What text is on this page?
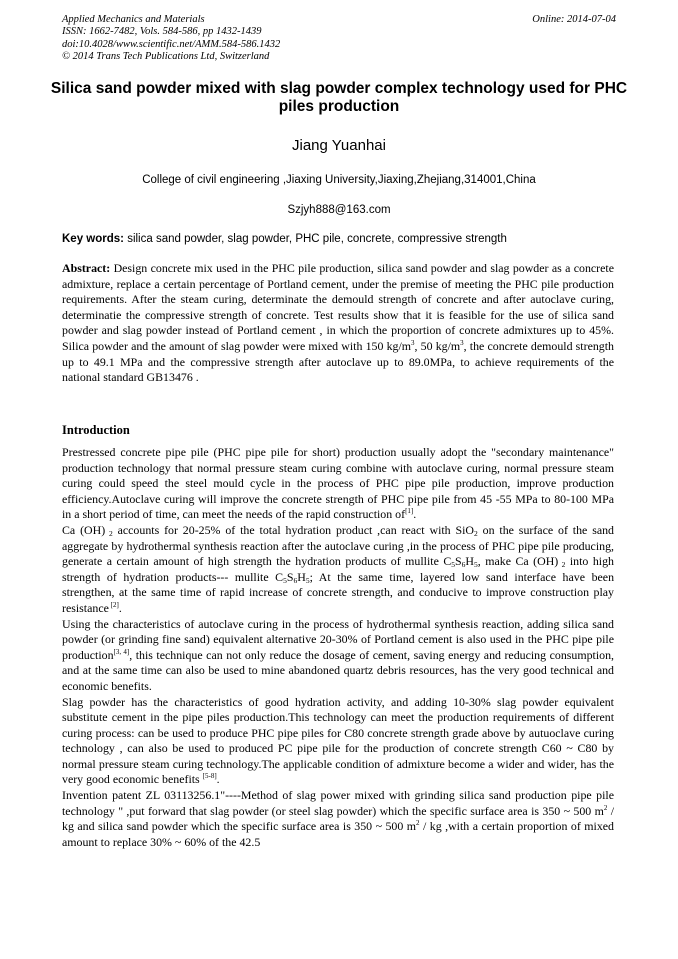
Applied Mechanics and Materials
ISSN: 1662-7482, Vols. 584-586, pp 1432-1439
doi:10.4028/www.scientific.net/AMM.584-586.1432
© 2014 Trans Tech Publications Ltd, Switzerland
Online: 2014-07-04
Silica sand powder mixed with slag powder complex technology used for PHC piles production
Jiang Yuanhai
College of civil engineering ,Jiaxing University,Jiaxing,Zhejiang,314001,China
Szjyh888@163.com
Key words: silica sand powder, slag powder, PHC pile, concrete, compressive strength
Abstract: Design concrete mix used in the PHC pile production, silica sand powder and slag powder as a concrete admixture, replace a certain percentage of Portland cement, under the premise of meeting the PHC pile production requirements. After the steam curing, determinate the demould strength of concrete and after autoclave curing, determinatie the compressive strength of concrete. Test results show that it is feasible for the use of silica sand powder and slag powder instead of Portland cement , in which the proportion of concrete admixtures up to 45%. Silica powder and the amount of slag powder were mixed with 150 $kg/m^3$, 50 $kg/m^3$, the concrete demould strength up to 49.1 MPa and the compressive strength after autoclave up to 89.0MPa, to achieve requirements of the national standard GB13476 .
Introduction

Prestressed concrete pipe pile (PHC pipe pile for short) production usually adopt the "secondary maintenance" production technology that normal pressure steam curing combine with autoclave curing, normal pressure steam curing could speed the steel mould cycle in the process of PHC pipe pile production, improve production efficiency.Autoclave curing will improve the concrete strength of PHC pipe pile from 45 -55 MPa to 80-100 MPa in a short period of time, can meet the needs of the rapid construction of[1].

Ca (OH) $_2$ accounts for 20-25% of the total hydration product ,can react with SiO$_2$ on the surface of the sand aggregate by hydrothermal synthesis reaction after the autoclave curing ,in the process of PHC pipe pile producing, generate a certain amount of high strength the hydration products of mullite $C_5S_6H_5$, make Ca (OH) $_2$ into high strength of hydration products--- mullite $C_5S_6H_5$; At the same time, layered low sand interface have been strengthen, at the same time of rapid increase of concrete strength, and conducive to improve construction play resistance [2].

Using the characteristics of autoclave curing in the process of hydrothermal synthesis reaction, adding silica sand powder (or grinding fine sand) equivalent alternative 20-30% of Portland cement is also used in the PHC pipe pile production[3, 4], this technique can not only reduce the dosage of cement, saving energy and reducing consumption, and at the same time can also be used to mine abandoned quartz debris resources, has the very good technical and economic benefits.

Slag powder has the characteristics of good hydration activity, and adding 10-30% slag powder equivalent substitute cement in the pipe piles production.This technology can meet the production requirements of different curing process: can be used to produce PHC pipe piles for C80 concrete strength grade above by autuoclave curing technology , can also be used to produced PC pipe pile for the production of concrete strength C60 ~ C80 by normal pressure steam curing technology.The applicable condition of admixture become a wider and wider, has the very good economic benefits [5-8].

Invention patent ZL 03113256.1"----Method of slag power mixed with grinding silica sand production pipe pile technology " ,put forward that slag powder (or steel slag powder) which the specific surface area is 350 ~ 500 $m^2$ / kg and silica sand powder which the specific surface area is 350 ~ 500 $m^2$ / kg ,with a certain proportion of mixed amount to replace 30% ~ 60% of the 42.5
